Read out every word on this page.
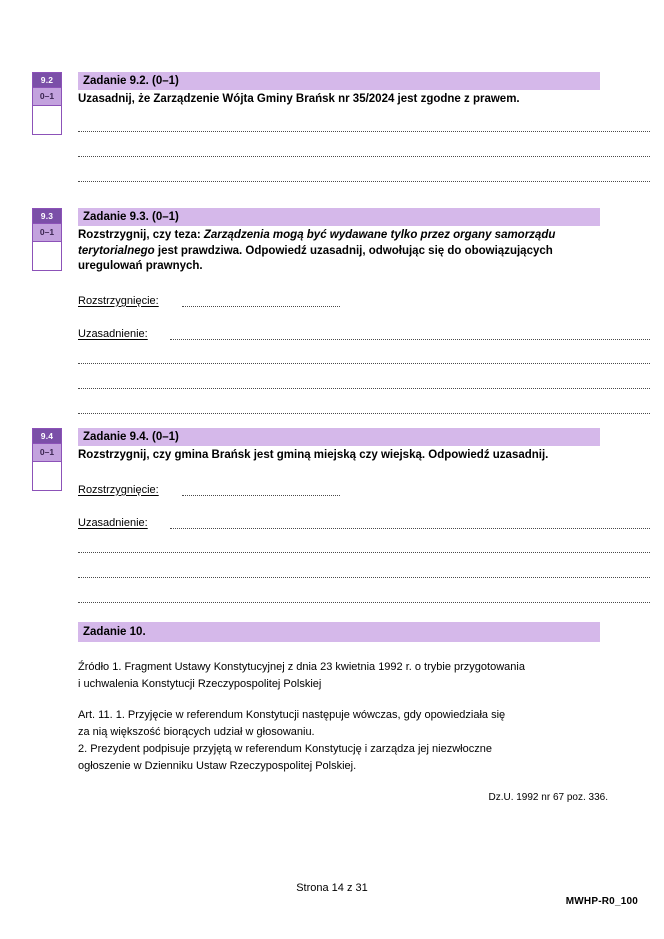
9.2
0–1
Zadanie 9.2. (0–1)
Uzasadnij, że Zarządzenie Wójta Gminy Brańsk nr 35/2024 jest zgodne z prawem.
9.3
0–1
Zadanie 9.3. (0–1)
Rozstrzygnij, czy teza: Zarządzenia mogą być wydawane tylko przez organy samorządu terytorialnego jest prawdziwa. Odpowiedź uzasadnij, odwołując się do obowiązujących uregulowań prawnych.
Rozstrzygnięcie:
Uzasadnienie:
9.4
0–1
Zadanie 9.4. (0–1)
Rozstrzygnij, czy gmina Brańsk jest gminą miejską czy wiejską. Odpowiedź uzasadnij.
Rozstrzygnięcie:
Uzasadnienie:
Zadanie 10.
Źródło 1. Fragment Ustawy Konstytucyjnej z dnia 23 kwietnia 1992 r. o trybie przygotowania
i uchwalenia Konstytucji Rzeczypospolitej Polskiej
Art. 11. 1. Przyjęcie w referendum Konstytucji następuje wówczas, gdy opowiedziała się
za nią większość biorących udział w głosowaniu.
2. Prezydent podpisuje przyjętą w referendum Konstytucję i zarządza jej niezwłoczne
ogłoszenie w Dzienniku Ustaw Rzeczypospolitej Polskiej.
Dz.U. 1992 nr 67 poz. 336.
Strona 14 z 31
MWHP-R0_100
